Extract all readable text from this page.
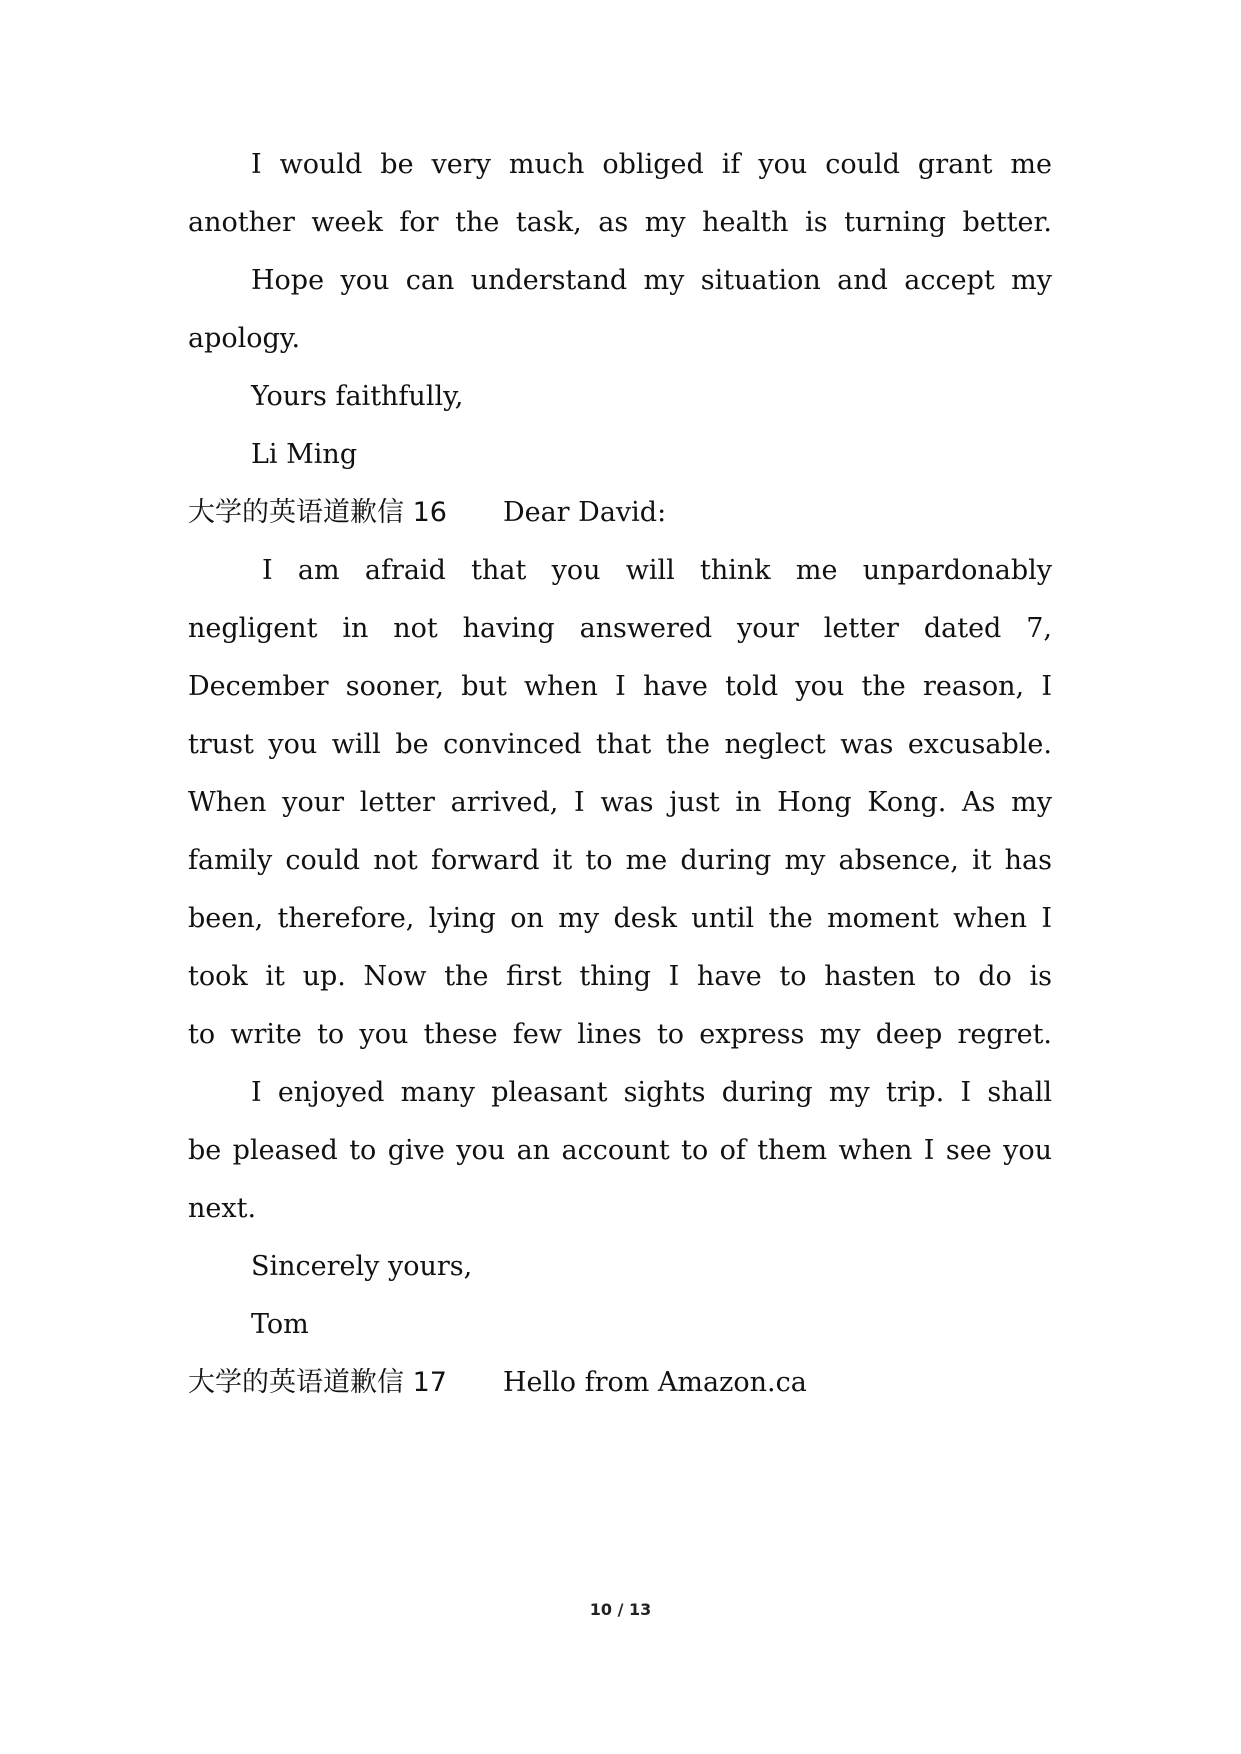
I would be very much obliged if you could grant me
another week for the task, as my health is turning better.
Hope you can understand my situation and accept my
apology.
Yours faithfully,
Li Ming
大学的英语道歉信 16 Dear David:
I am afraid that you will think me unpardonably
negligent in not having answered your letter dated 7,
December sooner, but when I have told you the reason, I
trust you will be convinced that the neglect was excusable.
When your letter arrived, I was just in Hong Kong. As my
family could not forward it to me during my absence, it has
been, therefore, lying on my desk until the moment when I
took it up. Now the first thing I have to hasten to do is
to write to you these few lines to express my deep regret.
I enjoyed many pleasant sights during my trip. I shall
be pleased to give you an account to of them when I see you
next.
Sincerely yours,
Tom
大学的英语道歉信 17 Hello from Amazon.ca
10 / 13
